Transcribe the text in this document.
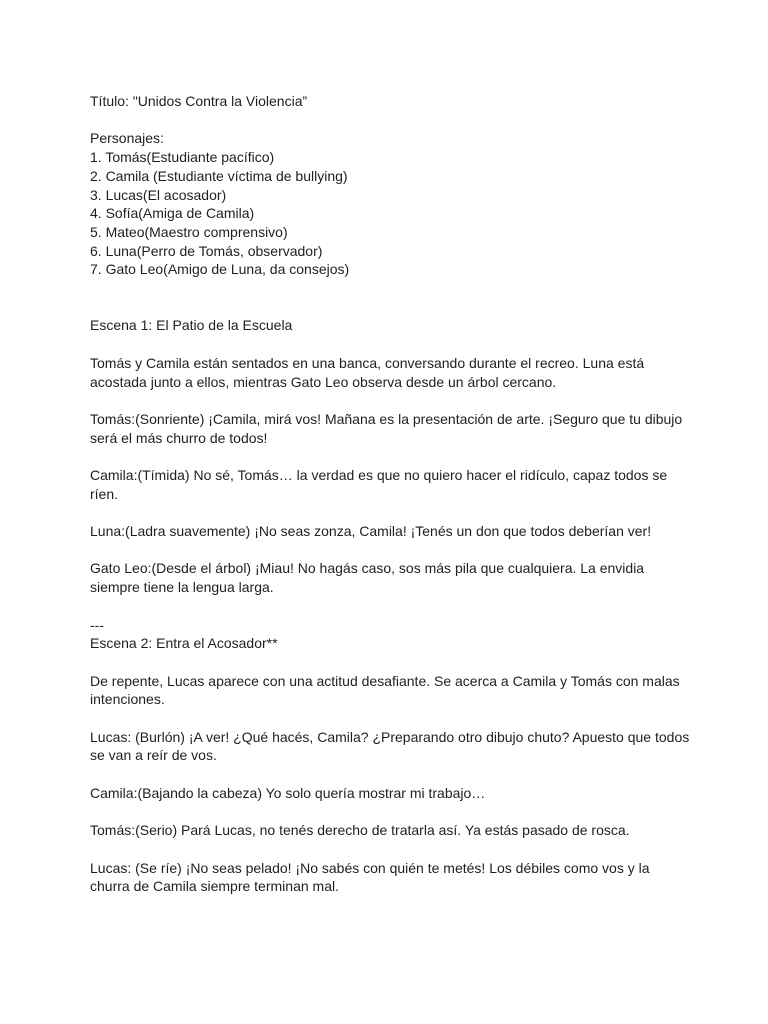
Título: "Unidos Contra la Violencia”

Personajes:

1. Tomás(Estudiante pacífico)

2. Camila (Estudiante víctima de bullying)

3. Lucas(El acosador)

4. Sofía(Amiga de Camila)

5. Mateo(Maestro comprensivo)

6. Luna(Perro de Tomás, observador)

7. Gato Leo(Amigo de Luna, da consejos)

Escena 1: El Patio de la Escuela

Tomás y Camila están sentados en una banca, conversando durante el recreo. Luna está acostada junto a ellos, mientras Gato Leo observa desde un árbol cercano.

Tomás:(Sonriente) ¡Camila, mirá vos! Mañana es la presentación de arte. ¡Seguro que tu dibujo será el más churro de todos!

Camila:(Tímida) No sé, Tomás… la verdad es que no quiero hacer el ridículo, capaz todos se ríen.

Luna:(Ladra suavemente) ¡No seas zonza, Camila! ¡Tenés un don que todos deberían ver!

Gato Leo:(Desde el árbol) ¡Miau! No hagás caso, sos más pila que cualquiera. La envidia siempre tiene la lengua larga.

---

Escena 2: Entra el Acosador**

De repente, Lucas aparece con una actitud desafiante. Se acerca a Camila y Tomás con malas intenciones.

Lucas: (Burlón) ¡A ver! ¿Qué hacés, Camila? ¿Preparando otro dibujo chuto? Apuesto que todos se van a reír de vos.

Camila:(Bajando la cabeza) Yo solo quería mostrar mi trabajo…

Tomás:(Serio) Pará Lucas, no tenés derecho de tratarla así. Ya estás pasado de rosca.

Lucas: (Se ríe) ¡No seas pelado! ¡No sabés con quién te metés! Los débiles como vos y la churra de Camila siempre terminan mal.
